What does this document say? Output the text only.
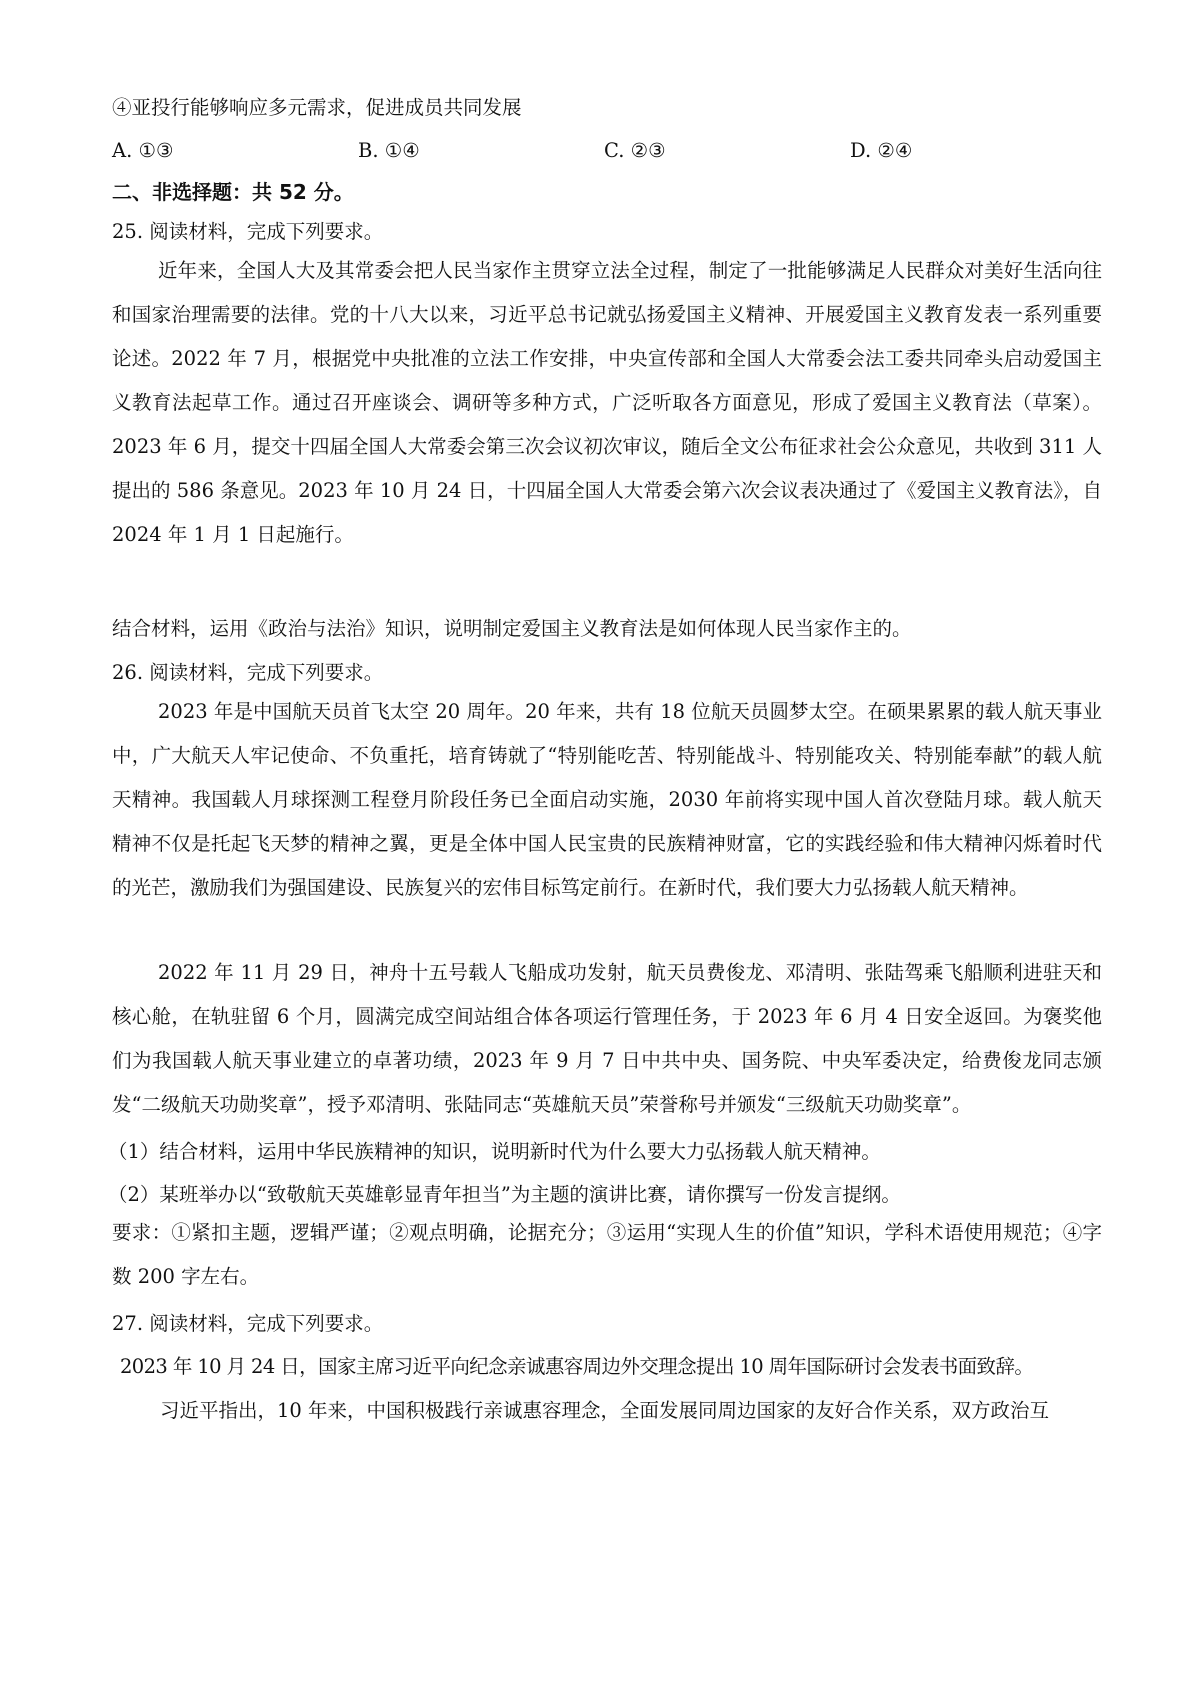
④亚投行能够响应多元需求，促进成员共同发展
A. ①③	B. ①④	C. ②③	D. ②④
二、非选择题：共 52 分。
25. 阅读材料，完成下列要求。

近年来，全国人大及其常委会把人民当家作主贯穿立法全过程，制定了一批能够满足人民群众对美好生活向往和国家治理需要的法律。党的十八大以来，习近平总书记就弘扬爱国主义精神、开展爱国主义教育发表一系列重要论述。2022 年 7 月，根据党中央批准的立法工作安排，中央宣传部和全国人大常委会法工委共同牵头启动爱国主义教育法起草工作。通过召开座谈会、调研等多种方式，广泛听取各方面意见，形成了爱国主义教育法（草案）。2023 年 6 月，提交十四届全国人大常委会第三次会议初次审议，随后全文公布征求社会公众意见，共收到 311 人提出的 586 条意见。2023 年 10 月 24 日，十四届全国人大常委会第六次会议表决通过了《爱国主义教育法》，自 2024 年 1 月 1 日起施行。

结合材料，运用《政治与法治》知识，说明制定爱国主义教育法是如何体现人民当家作主的。
26. 阅读材料，完成下列要求。

2023 年是中国航天员首飞太空 20 周年。20 年来，共有 18 位航天员圆梦太空。在硕果累累的载人航天事业中，广大航天人牢记使命、不负重托，培育铸就了“特别能吃苦、特别能战斗、特别能攻关、特别能奉献”的载人航天精神。我国载人月球探测工程登月阶段任务已全面启动实施，2030 年前将实现中国人首次登陆月球。载人航天精神不仅是托起飞天梦的精神之翼，更是全体中国人民宝贵的民族精神财富，它的实践经验和伟大精神闪烁着时代的光芒，激励我们为强国建设、民族复兴的宏伟目标笃定前行。在新时代，我们要大力弘扬载人航天精神。

2022 年 11 月 29 日，神舟十五号载人飞船成功发射，航天员费俊龙、邓清明、张陆驾乘飞船顺利进驻天和核心舱，在轨驻留 6 个月，圆满完成空间站组合体各项运行管理任务，于 2023 年 6 月 4 日安全返回。为褒奖他们为我国载人航天事业建立的卓著功绩，2023 年 9 月 7 日中共中央、国务院、中央军委决定，给费俊龙同志颁发“二级航天功勋奖章”，授予邓清明、张陆同志“英雄航天员”荣誉称号并颁发“三级航天功勋奖章”。

（1）结合材料，运用中华民族精神的知识，说明新时代为什么要大力弘扬载人航天精神。
（2）某班举办以“致敬航天英雄彰显青年担当”为主题的演讲比赛，请你撰写一份发言提纲。

要求：①紧扣主题，逻辑严谨；②观点明确，论据充分；③运用“实现人生的价值”知识，学科术语使用规范；④字数 200 字左右。

27. 阅读材料，完成下列要求。
2023 年 10 月 24 日，国家主席习近平向纪念亲诚惠容周边外交理念提出 10 周年国际研讨会发表书面致辞。
习近平指出，10 年来，中国积极践行亲诚惠容理念，全面发展同周边国家的友好合作关系，双方政治互
